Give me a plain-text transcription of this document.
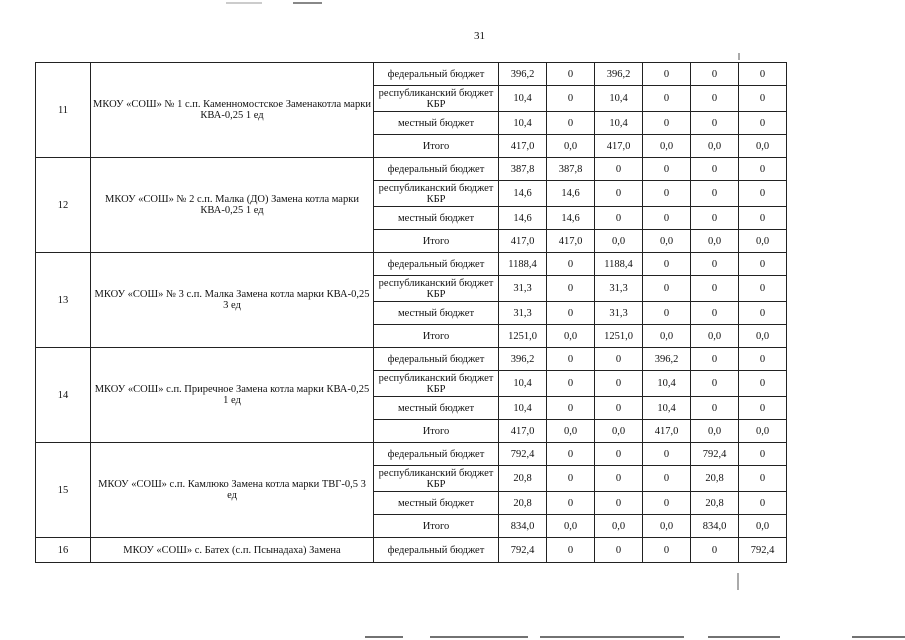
31
11	МКОУ «СОШ» № 1 с.п. Каменномостское Заменакотла марки КВА-0,25 1 ед	федеральный бюджет	396,2	0	396,2	0	0	0
		республиканский бюджет КБР	10,4	0	10,4	0	0	0
		местный бюджет	10,4	0	10,4	0	0	0
		Итого	417,0	0,0	417,0	0,0	0,0	0,0
12	МКОУ «СОШ» № 2 с.п. Малка (ДО) Замена котла марки КВА-0,25 1 ед	федеральный бюджет	387,8	387,8	0	0	0	0
		республиканский бюджет КБР	14,6	14,6	0	0	0	0
		местный бюджет	14,6	14,6	0	0	0	0
		Итого	417,0	417,0	0,0	0,0	0,0	0,0
13	МКОУ «СОШ» № 3 с.п. Малка Замена котла марки КВА-0,25 3 ед	федеральный бюджет	1188,4	0	1188,4	0	0	0
		республиканский бюджет КБР	31,3	0	31,3	0	0	0
		местный бюджет	31,3	0	31,3	0	0	0
		Итого	1251,0	0,0	1251,0	0,0	0,0	0,0
14	МКОУ «СОШ» с.п. Приречное Замена котла марки КВА-0,25 1 ед	федеральный бюджет	396,2	0	0	396,2	0	0
		республиканский бюджет КБР	10,4	0	0	10,4	0	0
		местный бюджет	10,4	0	0	10,4	0	0
		Итого	417,0	0,0	0,0	417,0	0,0	0,0
15	МКОУ «СОШ» с.п. Камлюко Замена котла марки ТВГ-0,5 3 ед	федеральный бюджет	792,4	0	0	0	792,4	0
		республиканский бюджет КБР	20,8	0	0	0	20,8	0
		местный бюджет	20,8	0	0	0	20,8	0
		Итого	834,0	0,0	0,0	0,0	834,0	0,0
16	МКОУ «СОШ» с. Батех (с.п. Псынадаха) Замена	федеральный бюджет	792,4	0	0	0	0	792,4
